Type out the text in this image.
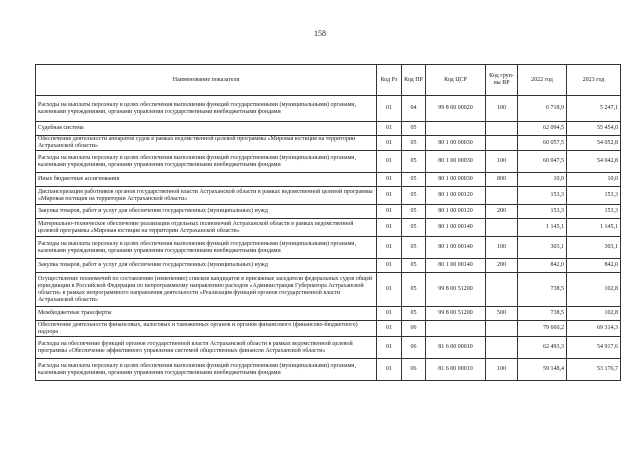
158
Наименование показателя	Код Рз	Код ПР	Код ЦСР	Код груп-пы ВР	2022 год	2023 год
Расходы на выплаты персоналу в целях обеспечения выполнения функций государственными (муниципальными) органами, казенными учреждениями, органами управления государственными внебюджетными фондами	01	04	99 8 00 00020	100	6 718,9	5 247,1
Судебная система	01	05			62 094,5	55 454,0
Обеспечение деятельности аппаратов судов в рамках ведомственной целевой программы «Мировая юстиция на территории Астраханской области»	01	05	80 1 00 00030		60 057,5	54 052,8
Расходы на выплаты персоналу в целях обеспечения выполнения функций государственными (муниципальными) органами, казенными учреждениями, органами управления государственными внебюджетными фондами	01	05	80 1 00 00030	100	60 047,5	54 042,8
Иные бюджетные ассигнования	01	05	80 1 00 00030	800	10,0	10,0
Диспансеризация работников органов государственной власти Астраханской области в рамках ведомственной целевой программы «Мировая юстиция на территории Астраханской области»	01	05	80 1 00 00120		153,3	153,3
Закупка товаров, работ и услуг для обеспечения государственных (муниципальных) нужд	01	05	80 1 00 00120	200	153,3	153,3
Материально-техническое обеспечение реализации отдельных полномочий Астраханской области в рамках ведомственной целевой программы «Мировая юстиция на территории Астраханской области»	01	05	80 1 00 00140		1 145,1	1 145,1
Расходы на выплаты персоналу в целях обеспечения выполнения функций государственными (муниципальными) органами, казенными учреждениями, органами управления государственными внебюджетными фондами	01	05	80 1 00 00140	100	303,1	303,1
Закупка товаров, работ и услуг для обеспечения государственных (муниципальных) нужд	01	05	80 1 00 00140	200	842,0	842,0
Осуществление полномочий по составлению (изменению) списков кандидатов в присяжные заседатели федеральных судов общей юрисдикции в Российской Федерации по непрограммному направлению расходов «Администрация Губернатора Астраханской области» в рамках непрограммного направления деятельности «Реализация функций органов государственной власти Астраханской области»	01	05	99 8 00 51200		738,5	102,8
Межбюджетные трансферты	01	05	99 8 00 51200	500	738,5	102,8
Обеспечение деятельности финансовых, налоговых и таможенных органов и органов финансового (финансово-бюджетного) надзора	01	06			79 660,2	69 314,3
Расходы на обеспечение функций органов государственной власти Астраханской области в рамках ведомственной целевой программы «Обеспечение эффективного управления системой общественных финансов Астраханской области»	01	06	81 6 00 00010		62 493,3	54 917,6
Расходы на выплаты персоналу в целях обеспечения выполнения функций государственными (муниципальными) органами, казенными учреждениями, органами управления государственными внебюджетными фондами	01	06	81 6 00 00010	100	59 148,4	53 176,7
